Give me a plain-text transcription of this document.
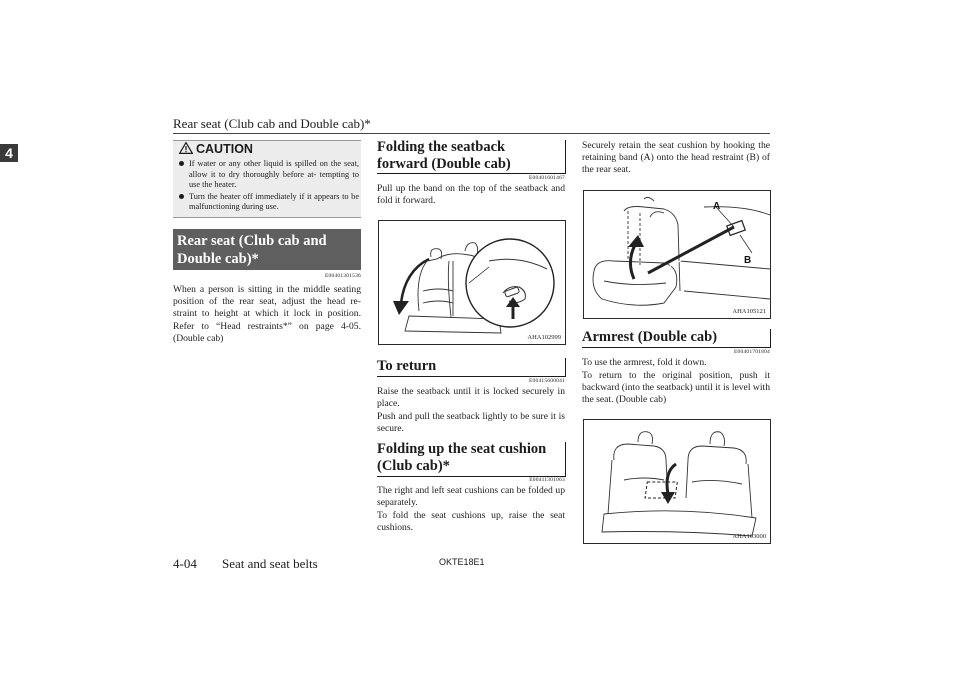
Rear seat (Club cab and Double cab)*
4	CAUTION
If water or any other liquid is spilled on the seat, allow it to dry thoroughly before at- tempting to use the heater.
Turn the heater off immediately if it appears to be malfunctioning during use.
Rear seat (Club cab and Double cab)*
E00401301536

When a person is sitting in the middle seating position of the rear seat, adjust the head re- straint to height at which it lock in position. Refer to “Head restraints*” on page 4-05. (Double cab)

Folding the seatback forward (Double cab)
E00401601467

Pull up the band on the top of the seatback and fold it forward.

AHA102999
To return
E00415600041

Raise the seatback until it is locked securely in place.

Push and pull the seatback lightly to be sure it is secure.

Folding up the seat cushion (Club cab)*
E00411301063

The right and left seat cushions can be folded up separately.

To fold the seat cushions up, raise the seat cushions.

Securely retain the seat cushion by hooking the retaining band (A) onto the head restraint (B) of the rear seat.

A
B
AHA105121
Armrest (Double cab)
E00401701804

To use the armrest, fold it down.

To return to the original position, push it backward (into the seatback) until it is level with the seat. (Double cab)

AHA103000
4-04 Seat and seat belts	OKTE18E1
